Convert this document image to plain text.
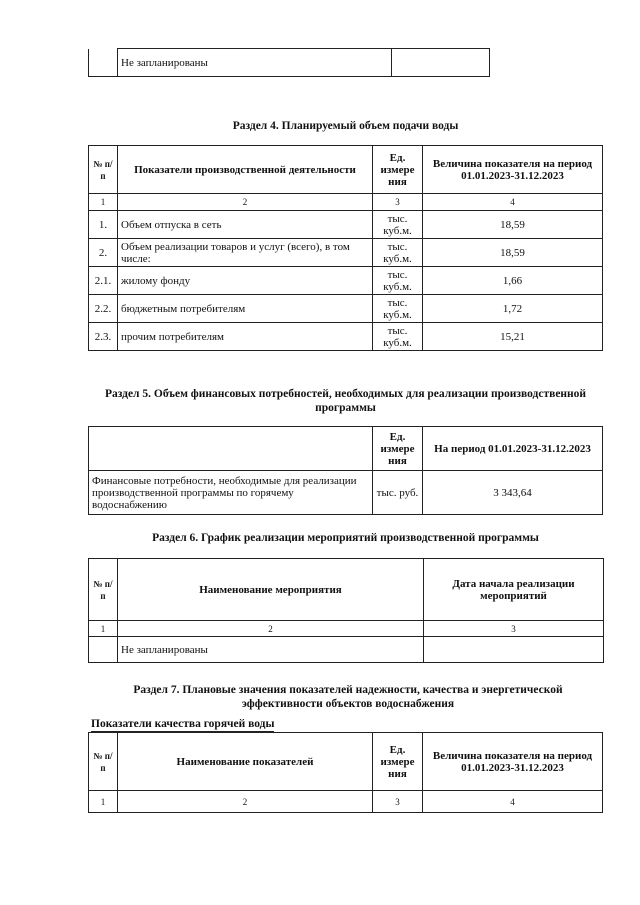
	Не запланированы	
Раздел 4. Планируемый объем подачи воды
№ п/п	Показатели производственной деятельности	Ед. измере ния	Величина показателя на период 01.01.2023-31.12.2023
1	2	3	4
1.	Объем отпуска в сеть	тыс. куб.м.	18,59
2.	Объем реализации товаров и услуг (всего), в том числе:	тыс. куб.м.	18,59
2.1.	жилому фонду	тыс. куб.м.	1,66
2.2.	бюджетным потребителям	тыс. куб.м.	1,72
2.3.	прочим потребителям	тыс. куб.м.	15,21
Раздел 5. Объем финансовых потребностей, необходимых для реализации производственной программы
	Ед. измере ния	На период 01.01.2023-31.12.2023
Финансовые потребности, необходимые для реализации производственной программы по горячему водоснабжению	тыс. руб.	3 343,64
Раздел 6. График реализации мероприятий производственной программы
№ п/п	Наименование мероприятия	Дата начала реализации мероприятий
1	2	3
	Не запланированы	
Раздел 7. Плановые значения показателей надежности, качества и энергетической эффективности объектов водоснабжения
Показатели качества горячей воды
№ п/п	Наименование показателей	Ед. измере ния	Величина показателя на период 01.01.2023-31.12.2023
1	2	3	4
